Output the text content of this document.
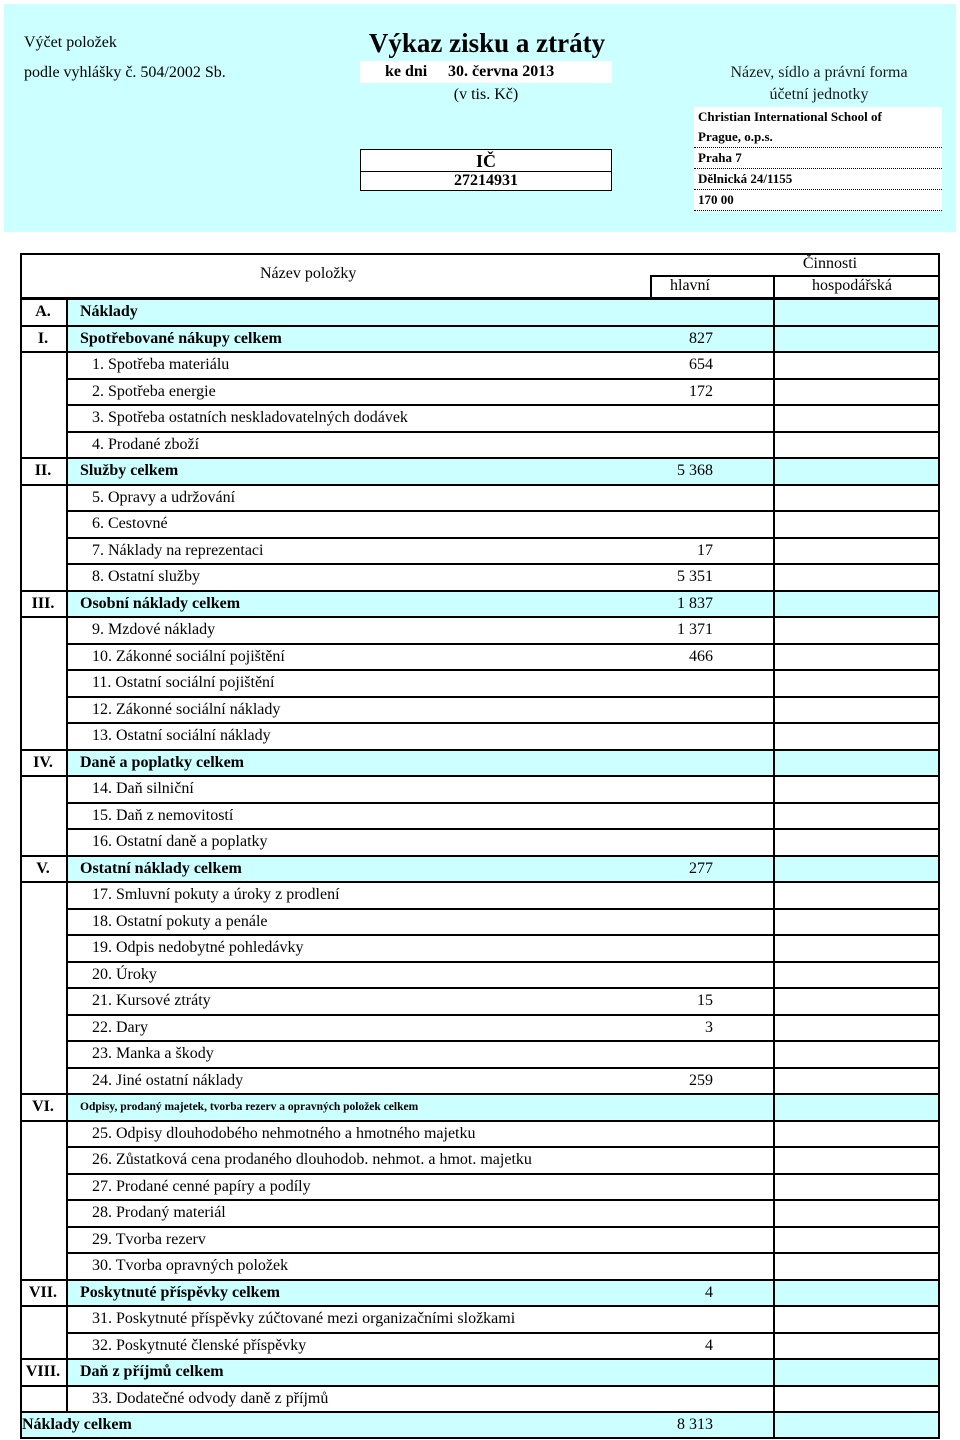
Výčet položek
podle vyhlášky č. 504/2002 Sb.
Výkaz zisku a ztráty
ke dni 30. června 2013
(v tis. Kč)
IČ
27214931
Název, sídlo a právní forma
účetní jednotky
Christian International School of
Prague, o.p.s.
Praha 7
Dělnická 24/1155
170 00
Název položky
Činnosti
hlavní	hospodářská
A.	Náklady
I.	Spotřebované nákupy celkem	827
1. Spotřeba materiálu	654
2. Spotřeba energie	172
3. Spotřeba ostatních neskladovatelných dodávek
4. Prodané zboží
II.	Služby celkem	5 368
5. Opravy a udržování
6. Cestovné
7. Náklady na reprezentaci	17
8. Ostatní služby	5 351
III.	Osobní náklady celkem	1 837
9. Mzdové náklady	1 371
10. Zákonné sociální pojištění	466
11. Ostatní sociální pojištění
12. Zákonné sociální náklady
13. Ostatní sociální náklady
IV.	Daně a poplatky celkem
14. Daň silniční
15. Daň z nemovitostí
16. Ostatní daně a poplatky
V.	Ostatní náklady celkem	277
17. Smluvní pokuty a úroky z prodlení
18. Ostatní pokuty a penále
19. Odpis nedobytné pohledávky
20. Úroky
21. Kursové ztráty	15
22. Dary	3
23. Manka a škody
24. Jiné ostatní náklady	259
VI.	Odpisy, prodaný majetek, tvorba rezerv a opravných položek celkem
25. Odpisy dlouhodobého nehmotného a hmotného majetku
26. Zůstatková cena prodaného dlouhodob. nehmot. a hmot. majetku
27. Prodané cenné papíry a podíly
28. Prodaný materiál
29. Tvorba rezerv
30. Tvorba opravných položek
VII.	Poskytnuté příspěvky celkem	4
31. Poskytnuté příspěvky zúčtované mezi organizačními složkami
32. Poskytnuté členské příspěvky	4
VIII.	Daň z příjmů celkem
33. Dodatečné odvody daně z příjmů
Náklady celkem	8 313
